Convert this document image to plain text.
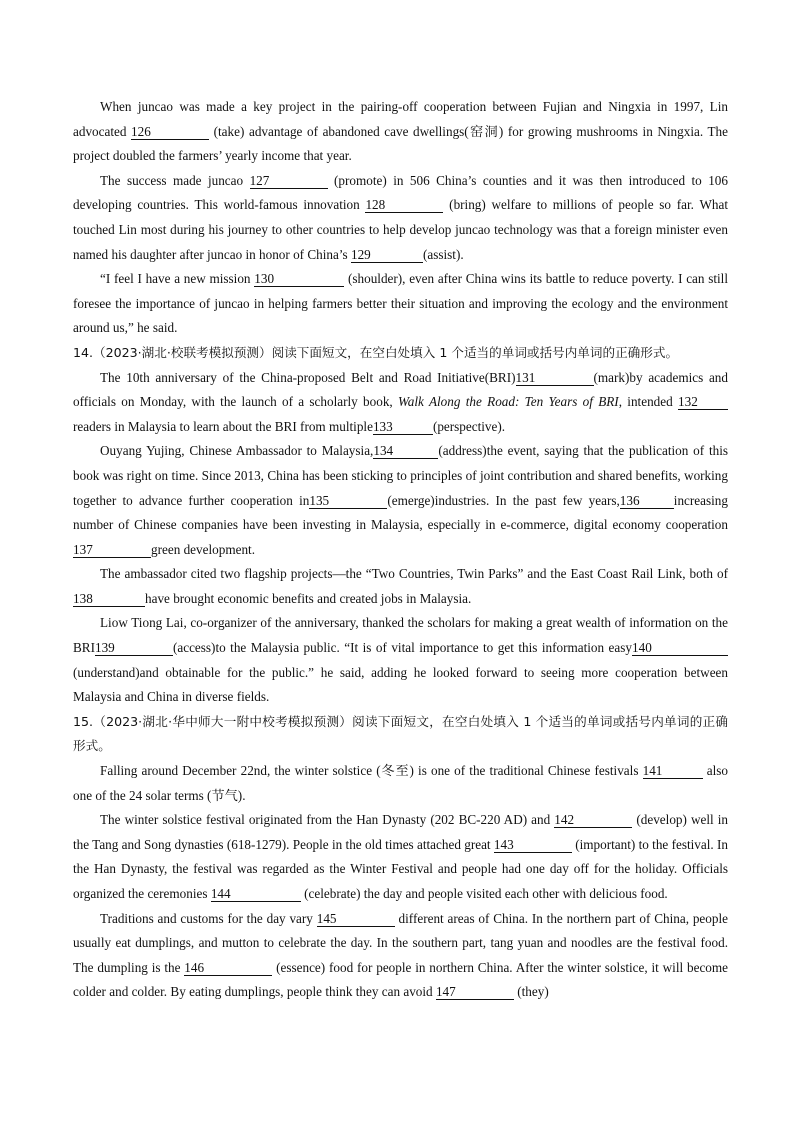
When juncao was made a key project in the pairing-off cooperation between Fujian and Ningxia in 1997, Lin advocated 126	(take) advantage of abandoned cave dwellings(窑洞) for growing mushrooms in Ningxia. The project doubled the farmers’ yearly income that year.

The success made juncao 127	(promote) in 506 China’s counties and it was then introduced to 106 developing countries. This world-famous innovation 128	(bring) welfare to millions of people so far. What touched Lin most during his journey to other countries to help develop juncao technology was that a foreign minister even named his daughter after juncao in honor of China’s 129	(assist).

“I feel I have a new mission 130	(shoulder), even after China wins its battle to reduce poverty. I can still foresee the importance of juncao in helping farmers better their situation and improving the ecology and the environment around us,” he said.

14.（2023·湖北·校联考模拟预测）阅读下面短文，在空白处填入 1 个适当的单词或括号内单词的正确形式。

The 10th anniversary of the China-proposed Belt and Road Initiative(BRI)131	(mark)by academics and officials on Monday, with the launch of a scholarly book, Walk Along the Road: Ten Years of BRI, intended 132readers in Malaysia to learn about the BRI from multiple133	(perspective).

Ouyang Yujing, Chinese Ambassador to Malaysia,134	(address)the event, saying that the publication of this book was right on time. Since 2013, China has been sticking to principles of joint contribution and shared benefits, working together to advance further cooperation in135	(emerge)industries. In the past few years,136	increasing number of Chinese companies have been investing in Malaysia, especially in e-commerce, digital economy cooperation137	green development.

The ambassador cited two flagship projects—the “Two Countries, Twin Parks” and the East Coast Rail Link, both of 138	have brought economic benefits and created jobs in Malaysia.

Liow Tiong Lai, co-organizer of the anniversary, thanked the scholars for making a great wealth of information on the BRI139	(access)to the Malaysia public. “It is of vital importance to get this information easy140(understand)and obtainable for the public.” he said, adding he looked forward to seeing more cooperation between Malaysia and China in diverse fields.

15.（2023·湖北·华中师大一附中校考模拟预测）阅读下面短文，在空白处填入 1 个适当的单词或括号内单词的正确形式。

Falling around December 22nd, the winter solstice (冬至) is one of the traditional Chinese festivals 141	also one of the 24 solar terms (节气).

The winter solstice festival originated from the Han Dynasty (202 BC-220 AD) and 142	(develop) well in the Tang and Song dynasties (618-1279). People in the old times attached great 143	(important) to the festival. In the Han Dynasty, the festival was regarded as the Winter Festival and people had one day off for the holiday. Officials organized the ceremonies 144	(celebrate) the day and people visited each other with delicious food.

Traditions and customs for the day vary 145	different areas of China. In the northern part of China, people usually eat dumplings, and mutton to celebrate the day. In the southern part, tang yuan and noodles are the festival food. The dumpling is the 146	(essence) food for people in northern China. After the winter solstice, it will become colder and colder. By eating dumplings, people think they can avoid 147	(they)
